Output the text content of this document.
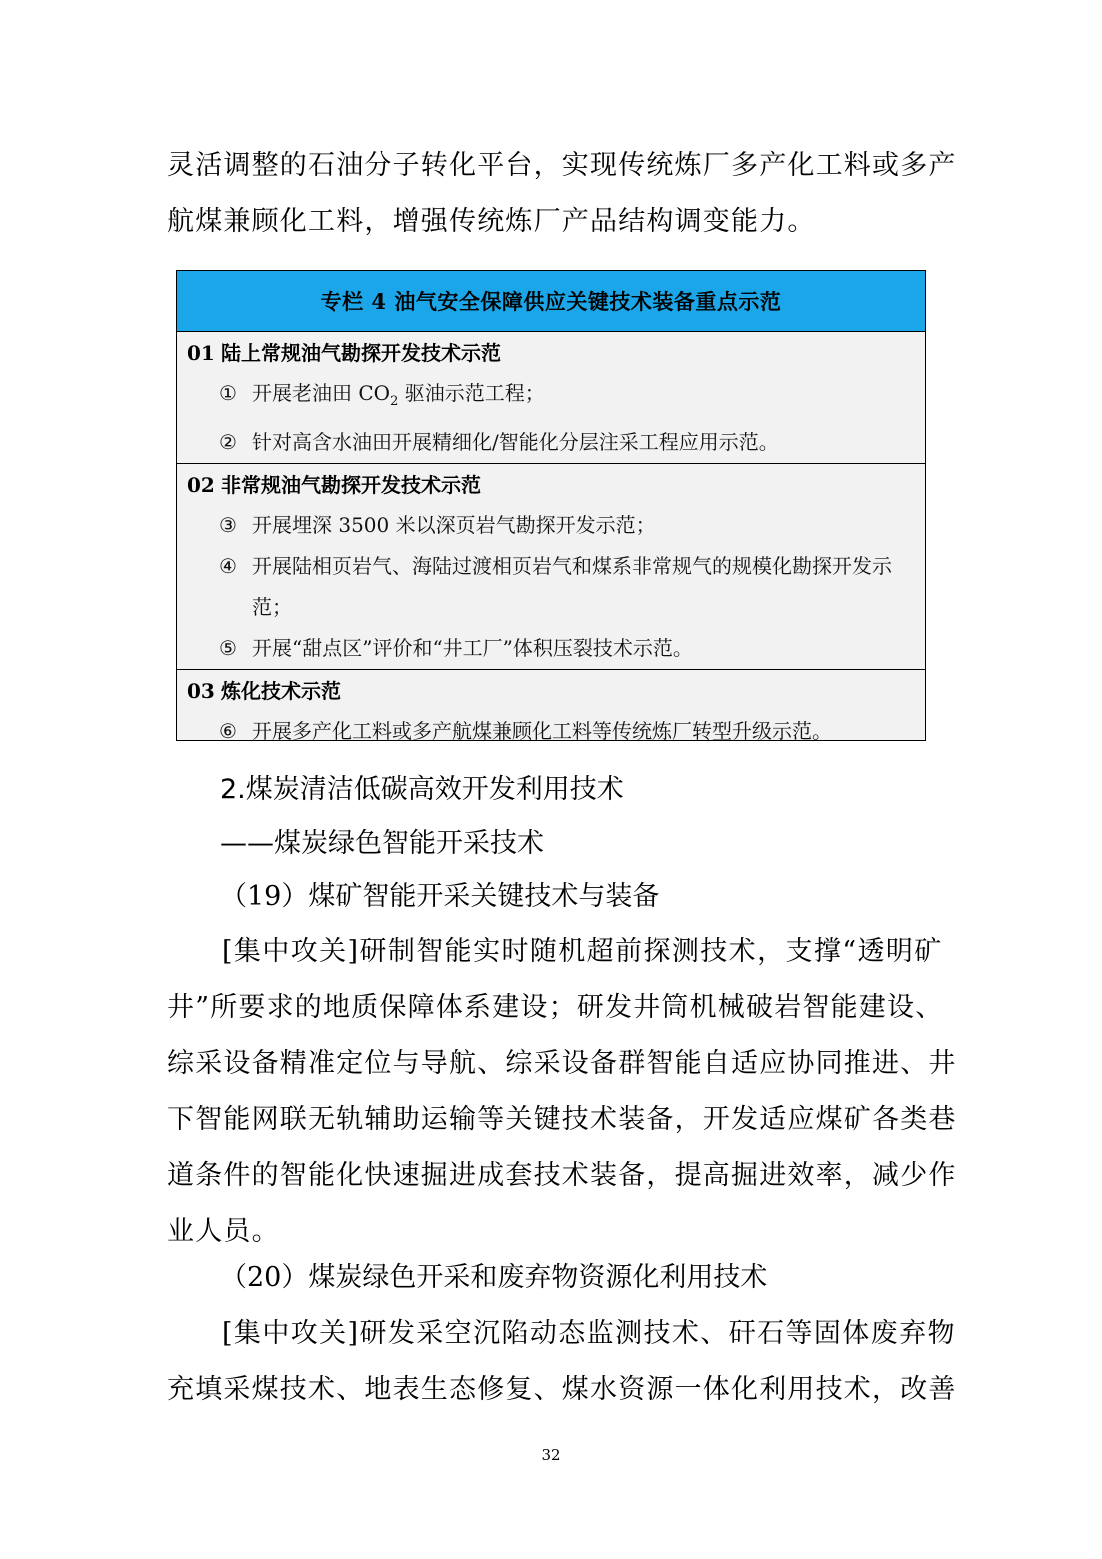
灵活调整的石油分子转化平台，实现传统炼厂多产化工料或多产
航煤兼顾化工料，增强传统炼厂产品结构调变能力。
专栏 4 油气安全保障供应关键技术装备重点示范
01 陆上常规油气勘探开发技术示范
① 开展老油田 $CO_2$ 驱油示范工程；
② 针对高含水油田开展精细化/智能化分层注采工程应用示范。
02 非常规油气勘探开发技术示范
③ 开展埋深 3500 米以深页岩气勘探开发示范；
④ 开展陆相页岩气、海陆过渡相页岩气和煤系非常规气的规模化勘探开发示范；
⑤ 开展“甜点区”评价和“井工厂”体积压裂技术示范。
03 炼化技术示范
⑥ 开展多产化工料或多产航煤兼顾化工料等传统炼厂转型升级示范。
2.煤炭清洁低碳高效开发利用技术
——煤炭绿色智能开采技术
（19）煤矿智能开采关键技术与装备
[集中攻关]研制智能实时随机超前探测技术，支撑“透明矿
井”所要求的地质保障体系建设；研发井筒机械破岩智能建设、
综采设备精准定位与导航、综采设备群智能自适应协同推进、井
下智能网联无轨辅助运输等关键技术装备，开发适应煤矿各类巷
道条件的智能化快速掘进成套技术装备，提高掘进效率，减少作
业人员。
（20）煤炭绿色开采和废弃物资源化利用技术
[集中攻关]研发采空沉陷动态监测技术、矸石等固体废弃物
充填采煤技术、地表生态修复、煤水资源一体化利用技术，改善
32
